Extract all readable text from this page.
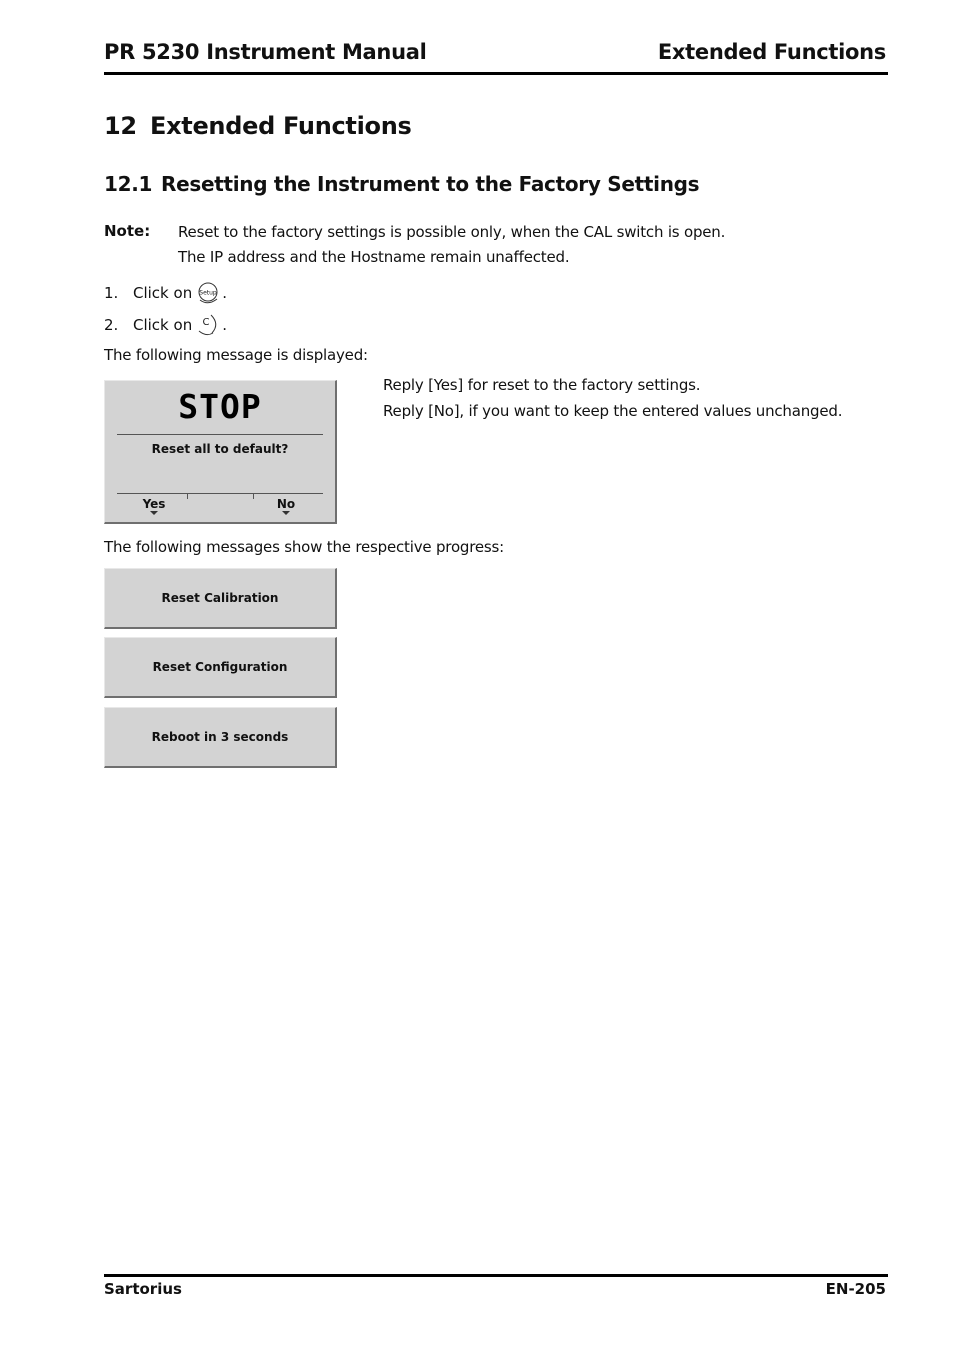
PR 5230 Instrument Manual	Extended Functions
12 Extended Functions
12.1 Resetting the Instrument to the Factory Settings
Note: Reset to the factory settings is possible only, when the CAL switch is open.
The IP address and the Hostname remain unaffected.
1. Click on Setup .
2. Click on C .
The following message is displayed:
STOP
Reset all to default?
Yes	No
Reply [Yes] for reset to the factory settings.
Reply [No], if you want to keep the entered values unchanged.
The following messages show the respective progress:
Reset Calibration
Reset Configuration
Reboot in 3 seconds
Sartorius	EN-205
